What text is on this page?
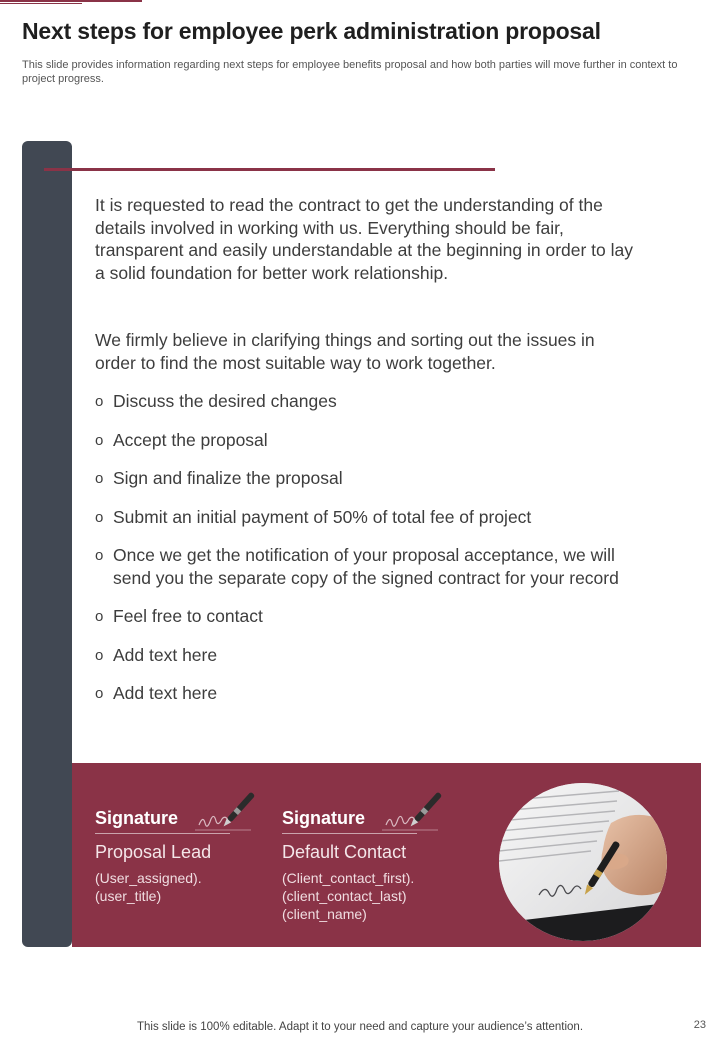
Next steps for employee perk administration proposal

This slide provides information regarding next steps for employee benefits proposal and how both parties will move further in context to project progress.

It is requested to read the contract to get the understanding of the details involved in working with us. Everything should be fair, transparent and easily understandable at the beginning in order to lay a solid foundation for better work relationship.

We firmly believe in clarifying things and sorting out the issues in order to find the most suitable way to work together.

o Discuss the desired changes
o Accept the proposal
o Sign and finalize the proposal
o Submit an initial payment of 50% of total fee of project
o Once we get the notification of your proposal acceptance, we will send you the separate copy of the signed contract for your record
o Feel free to contact
o Add text here
o Add text here
Signature
Proposal Lead
(User_assigned).
(user_title)
Signature
Default Contact
(Client_contact_first).
(client_contact_last)
(client_name)
This slide is 100% editable. Adapt it to your need and capture your audience’s attention.	23
